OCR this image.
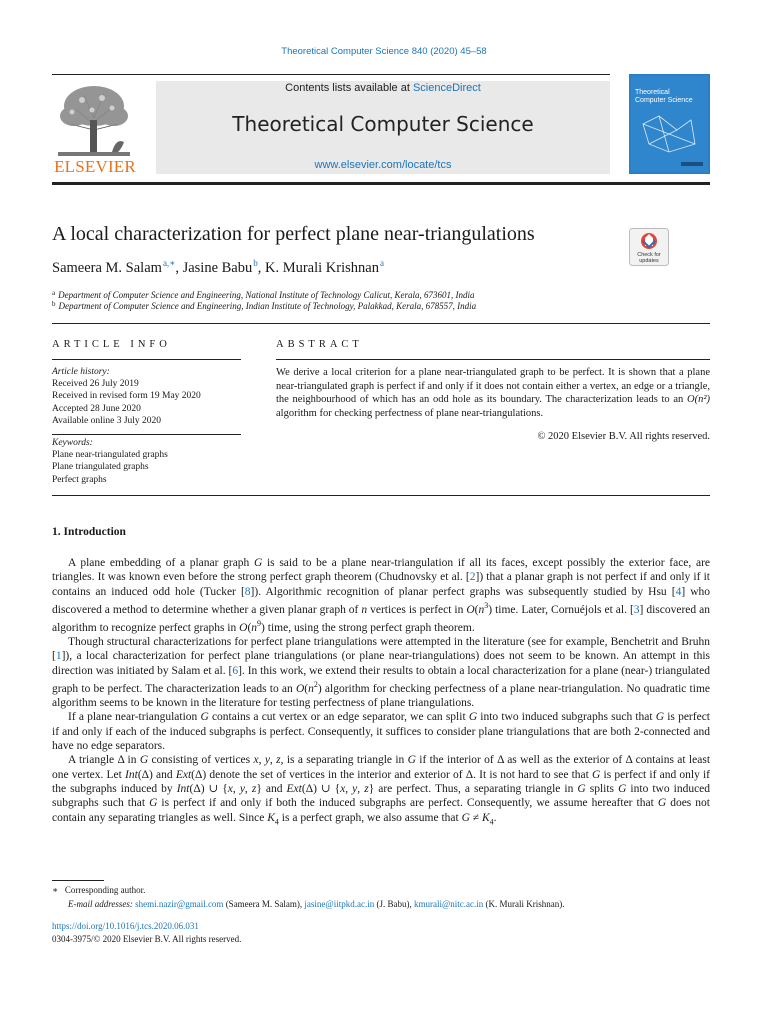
Theoretical Computer Science 840 (2020) 45–58
ELSEVIER
Contents lists available at ScienceDirect
Theoretical Computer Science
www.elsevier.com/locate/tcs
Theoretical
Computer Science
A local characterization for perfect plane near-triangulations
Check for
updates
Sameera M. Salam$^{a,∗}$, Jasine Babu$^b$, K. Murali Krishnan$^a$
$^a$ Department of Computer Science and Engineering, National Institute of Technology Calicut, Kerala, 673601, India
$^b$ Department of Computer Science and Engineering, Indian Institute of Technology, Palakkad, Kerala, 678557, India
ARTICLE INFO	ABSTRACT
Article history:
Received 26 July 2019
Received in revised form 19 May 2020
Accepted 28 June 2020
Available online 3 July 2020
Keywords:
Plane near-triangulated graphs
Plane triangulated graphs
Perfect graphs
We derive a local criterion for a plane near-triangulated graph to be perfect. It is shown that a plane near-triangulated graph is perfect if and only if it does not contain either a vertex, an edge or a triangle, the neighbourhood of which has an odd hole as its boundary. The characterization leads to an O(n²) algorithm for checking perfectness of plane near-triangulations.
© 2020 Elsevier B.V. All rights reserved.
1. Introduction

A plane embedding of a planar graph G is said to be a plane near-triangulation if all its faces, except possibly the exterior face, are triangles. It was known even before the strong perfect graph theorem (Chudnovsky et al. [2]) that a planar graph is not perfect if and only if it contains an induced odd hole (Tucker [8]). Algorithmic recognition of planar perfect graphs was subsequently studied by Hsu [4] who discovered a method to determine whether a given planar graph of n vertices is perfect in $O(n^3)$ time. Later, Cornuéjols et al. [3] discovered an algorithm to recognize perfect graphs in $O(n^9)$ time, using the strong perfect graph theorem.

Though structural characterizations for perfect plane triangulations were attempted in the literature (see for example, Benchetrit and Bruhn [1]), a local characterization for perfect plane triangulations (or plane near-triangulations) does not seem to be known. An attempt in this direction was initiated by Salam et al. [6]. In this work, we extend their results to obtain a local characterization for a plane (near-) triangulated graph to be perfect. The characterization leads to an $O(n^2)$ algorithm for checking perfectness of a plane near-triangulation. No quadratic time algorithm seems to be known in the literature for testing perfectness of plane triangulations.

If a plane near-triangulation G contains a cut vertex or an edge separator, we can split G into two induced subgraphs such that G is perfect if and only if each of the induced subgraphs is perfect. Consequently, it suffices to consider plane triangulations that are both 2-connected and have no edge separators.

A triangle Δ in G consisting of vertices x, y, z, is a separating triangle in G if the interior of Δ as well as the exterior of Δ contains at least one vertex. Let Int(Δ) and Ext(Δ) denote the set of vertices in the interior and exterior of Δ. It is not hard to see that G is perfect if and only if the subgraphs induced by Int(Δ) ∪ {x, y, z} and Ext(Δ) ∪ {x, y, z} are perfect. Thus, a separating triangle in G splits G into two induced subgraphs such that G is perfect if and only if both the induced subgraphs are perfect. Consequently, we assume hereafter that G does not contain any separating triangles as well. Since $K_4$ is a perfect graph, we also assume that $G \ne K_4$.

∗ Corresponding author.
E-mail addresses: shemi.nazir@gmail.com (Sameera M. Salam), jasine@iitpkd.ac.in (J. Babu), kmurali@nitc.ac.in (K. Murali Krishnan).
https://doi.org/10.1016/j.tcs.2020.06.031
0304-3975/© 2020 Elsevier B.V. All rights reserved.
